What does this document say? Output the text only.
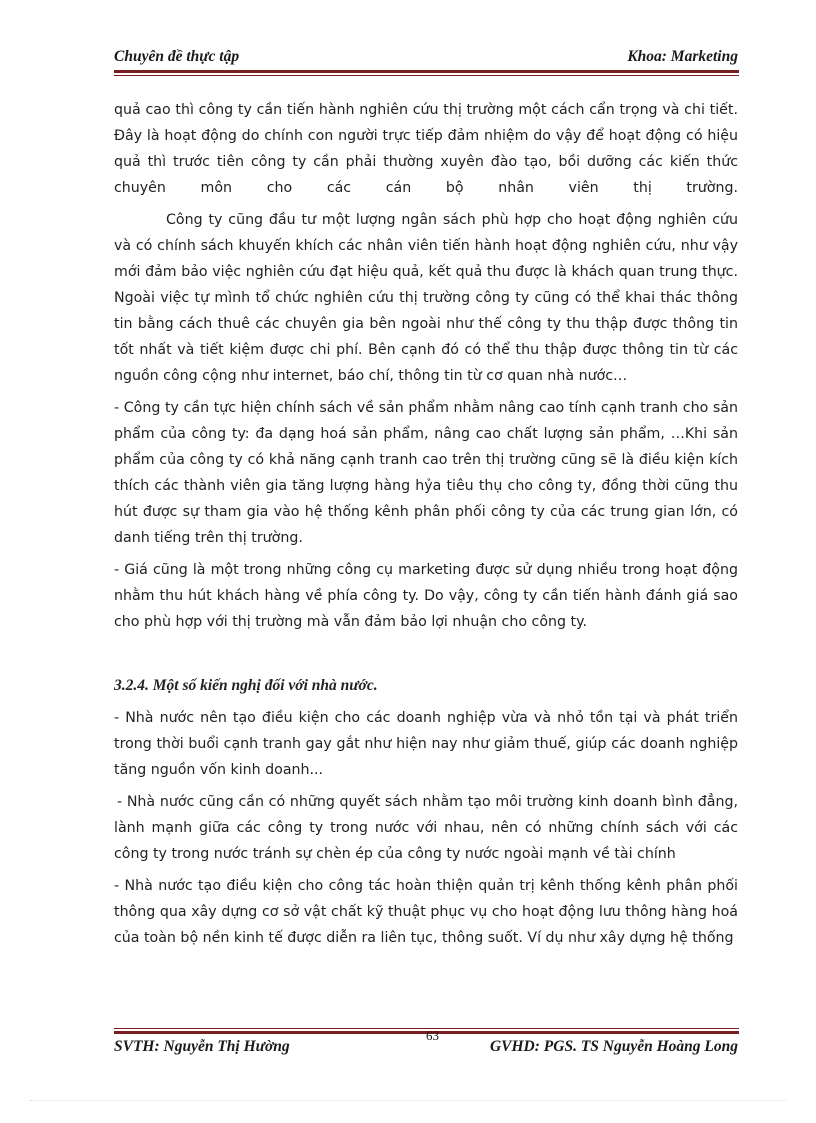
Chuyên đề thực tập	Khoa: Marketing

quả cao thì công ty cần tiến hành nghiên cứu thị trường một cách cẩn trọng và chi tiết. Đây là hoạt động do chính con người trực tiếp đảm nhiệm do vậy để hoạt động có hiệu quả thì trước tiên công ty cần phải thường xuyên đào tạo, bồi dưỡng các kiến thức chuyên môn cho các cán bộ nhân viên thị trường.

Công ty cũng đầu tư một lượng ngân sách phù hợp cho hoạt động nghiên cứu và có chính sách khuyến khích các nhân viên tiến hành hoạt động nghiên cứu, như vậy mới đảm bảo việc nghiên cứu đạt hiệu quả, kết quả thu được là khách quan trung thực. Ngoài việc tự mình tổ chức nghiên cứu thị trường công ty cũng có thể khai thác thông tin bằng cách thuê các chuyên gia bên ngoài như thế công ty thu thập được thông tin tốt nhất và tiết kiệm được chi phí. Bên cạnh đó có thể thu thập được thông tin từ các nguồn công cộng như internet, báo chí, thông tin từ cơ quan nhà nước…

- Công ty cần tực hiện chính sách về sản phẩm nhằm nâng cao tính cạnh tranh cho sản phẩm của công ty: đa dạng hoá sản phẩm, nâng cao chất lượng sản phẩm, …Khi sản phẩm của công ty có khả năng cạnh tranh cao trên thị trường cũng sẽ là điều kiện kích thích các thành viên gia tăng lượng hàng hỷa tiêu thụ cho công ty, đồng thời cũng thu hút được sự tham gia vào hệ thống kênh phân phối công ty của các trung gian lớn, có danh tiếng trên thị trường.

- Giá cũng là một trong những công cụ marketing được sử dụng nhiều trong hoạt động nhằm thu hút khách hàng về phía công ty. Do vậy, công ty cần tiến hành đánh giá sao cho phù hợp với thị trường mà vẫn đảm bảo lợi nhuận cho công ty.

3.2.4. Một số kiến nghị đối với nhà nước.

- Nhà nước nên tạo điều kiện cho các doanh nghiệp vừa và nhỏ tồn tại và phát triển trong thời buổi cạnh tranh gay gắt như hiện nay như giảm thuế, giúp các doanh nghiệp tăng nguồn vốn kinh doanh...

- Nhà nước cũng cần có những quyết sách nhằm tạo môi trường kinh doanh bình đẳng, lành mạnh giữa các công ty trong nước với nhau, nên có những chính sách với các công ty trong nước tránh sự chèn ép của công ty nước ngoài mạnh về tài chính

- Nhà nước tạo điều kiện cho công tác hoàn thiện quản trị kênh thống kênh phân phối thông qua xây dựng cơ sở vật chất kỹ thuật phục vụ cho hoạt động lưu thông hàng hoá của toàn bộ nền kinh tế được diễn ra liên tục, thông suốt. Ví dụ như xây dựng hệ thống

SVTH: Nguyễn Thị Hường
63
GVHD: PGS. TS Nguyễn Hoàng Long
